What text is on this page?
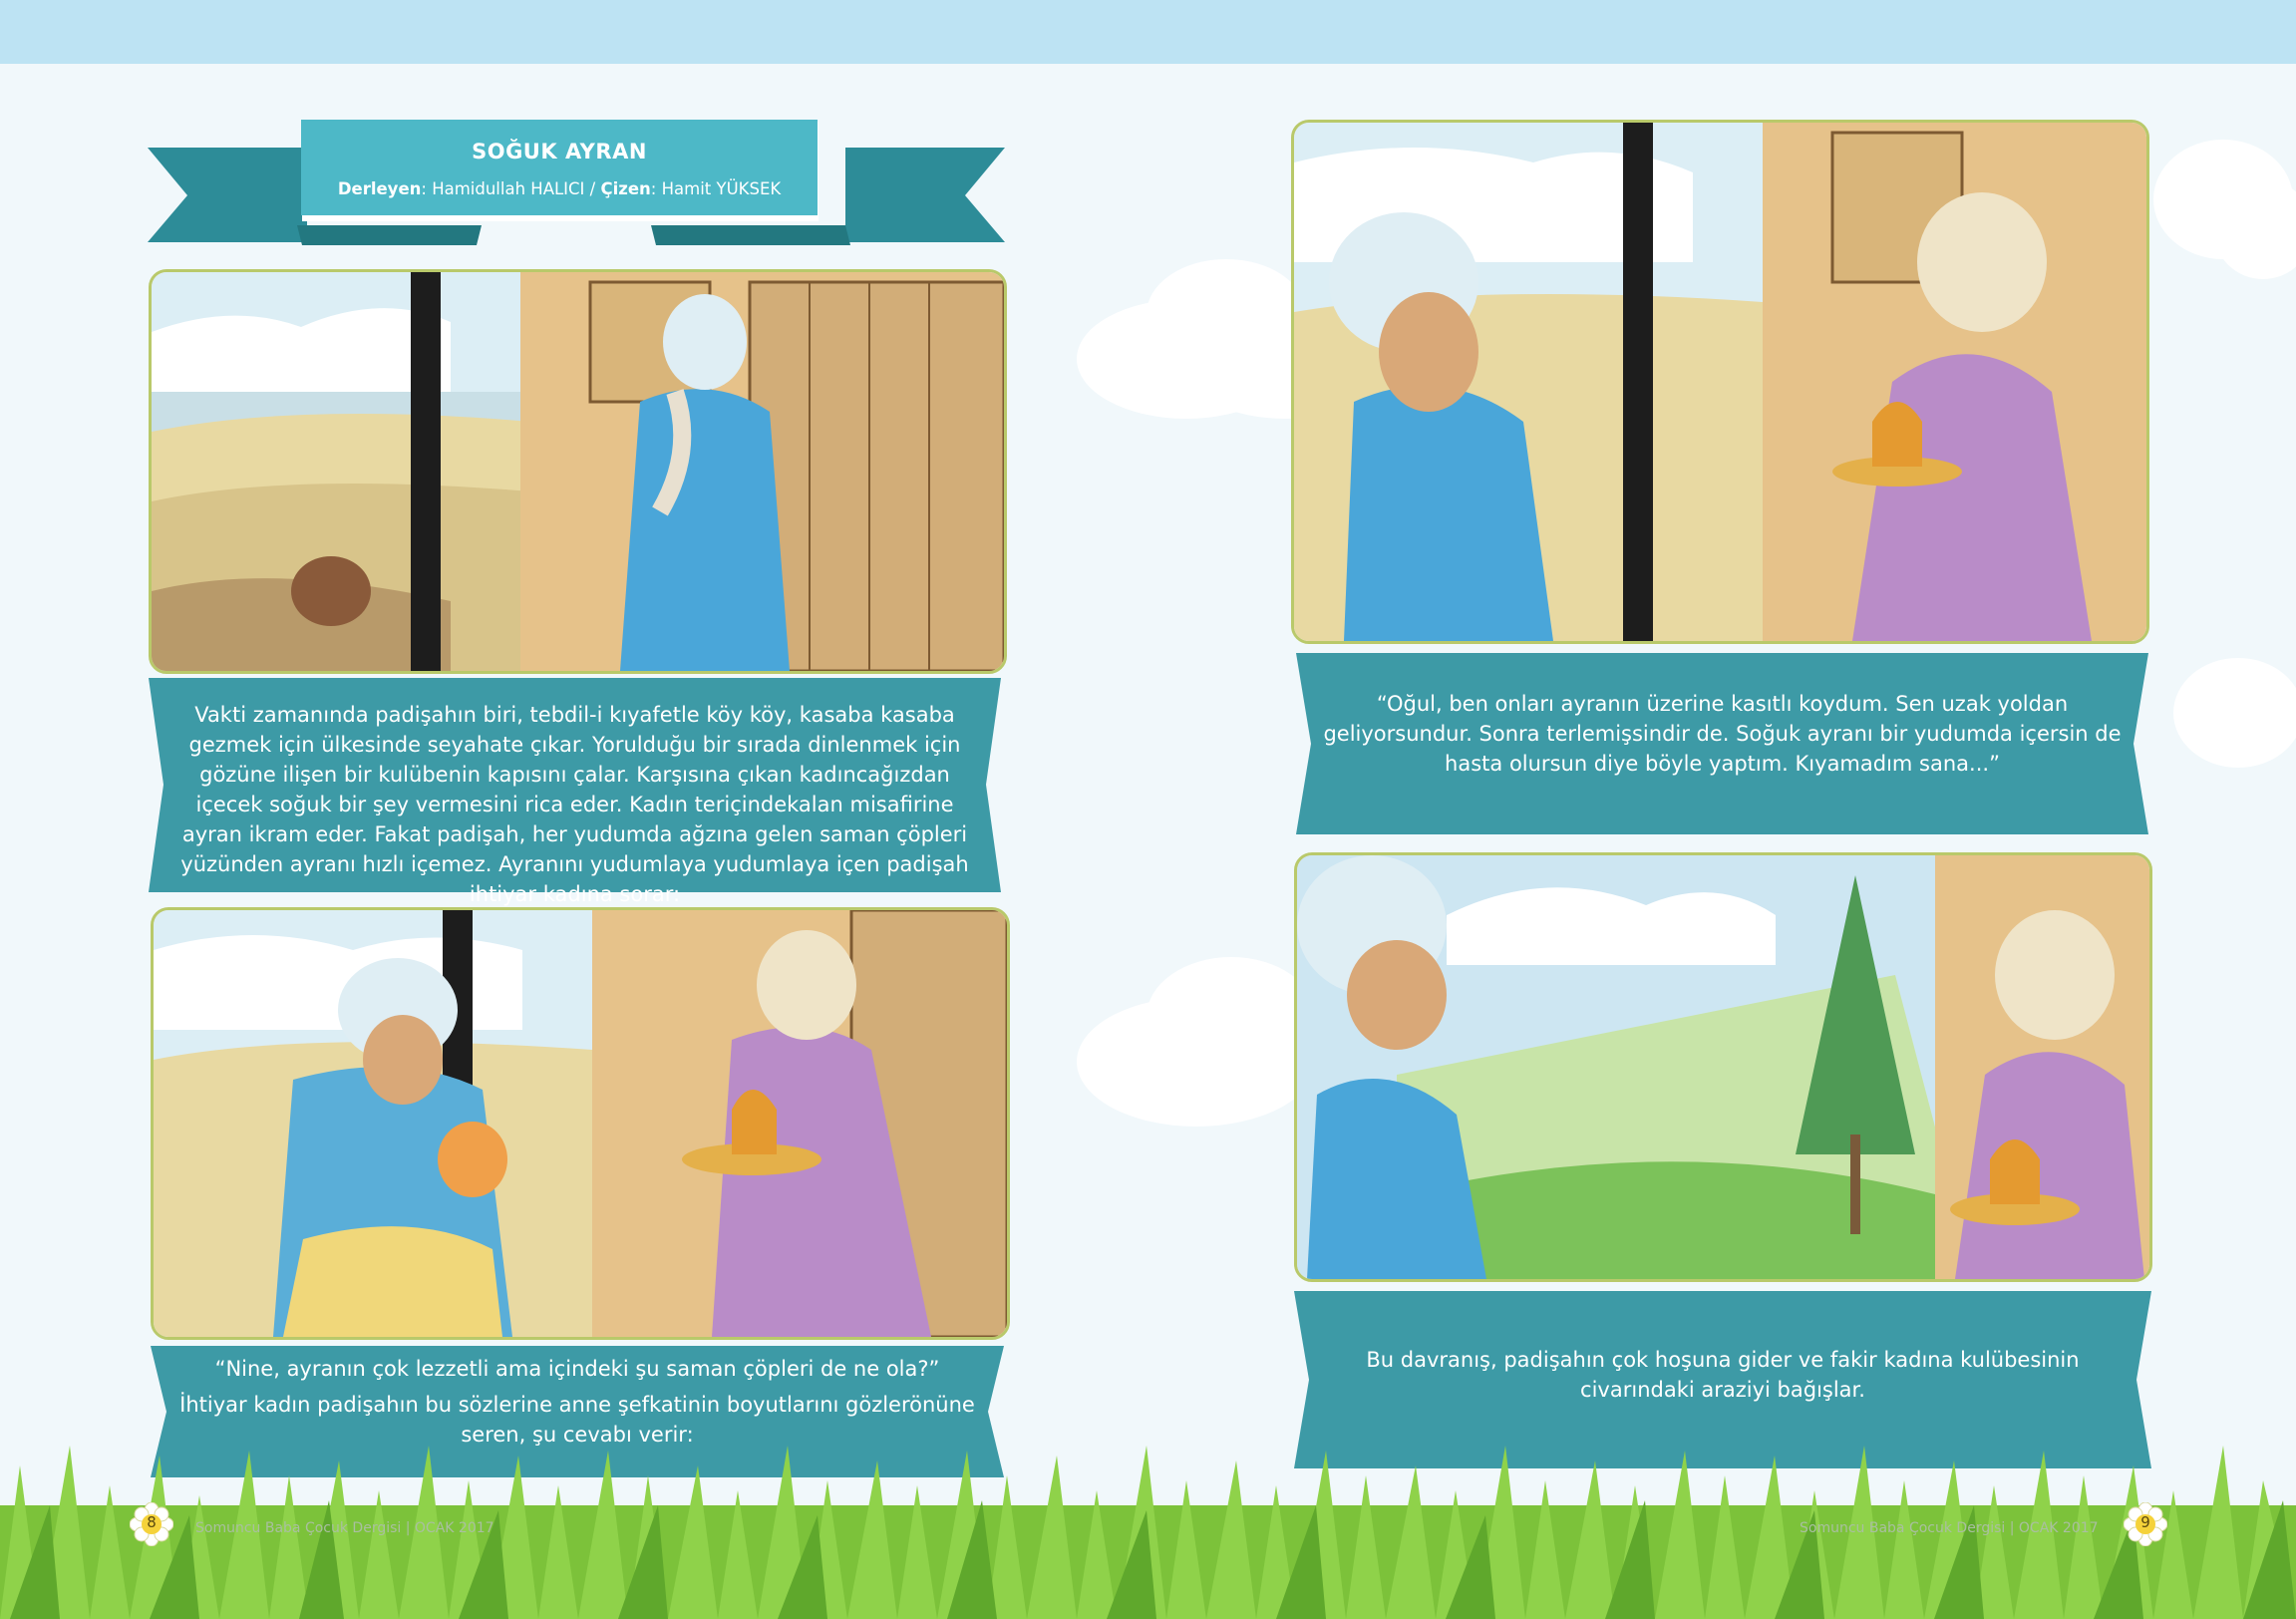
SOĞUK AYRAN
Derleyen: Hamidullah HALICI / Çizen: Hamit YÜKSEK
Vakti zamanında padişahın biri, tebdil-i kıyafetle köy köy, kasaba kasaba gezmek için ülkesinde seyahate çıkar. Yorulduğu bir sırada dinlenmek için gözüne ilişen bir kulübenin kapısını çalar. Karşısına çıkan kadıncağızdan içecek soğuk bir şey vermesini rica eder. Kadın teriçindekalan misafirine ayran ikram eder. Fakat padişah, her yudumda ağzına gelen saman çöpleri yüzünden ayranı hızlı içemez. Ayranını yudumlaya yudumlaya içen padişah ihtiyar kadına sorar:
“Nine, ayranın çok lezzetli ama içindeki şu saman çöpleri de ne ola?”
İhtiyar kadın padişahın bu sözlerine anne şefkatinin boyutlarını gözlerönüne seren, şu cevabı verir:
“Oğul, ben onları ayranın üzerine kasıtlı koydum. Sen uzak yoldan geliyorsundur. Sonra terlemişsindir de. Soğuk ayranı bir yudumda içersin de hasta olursun diye böyle yaptım. Kıyamadım sana...”
Bu davranış, padişahın çok hoşuna gider ve fakir kadına kulübesinin civarındaki araziyi bağışlar.
8	Somuncu Baba Çocuk Dergisi | OCAK 2017	Somuncu Baba Çocuk Dergisi | OCAK 2017	9
